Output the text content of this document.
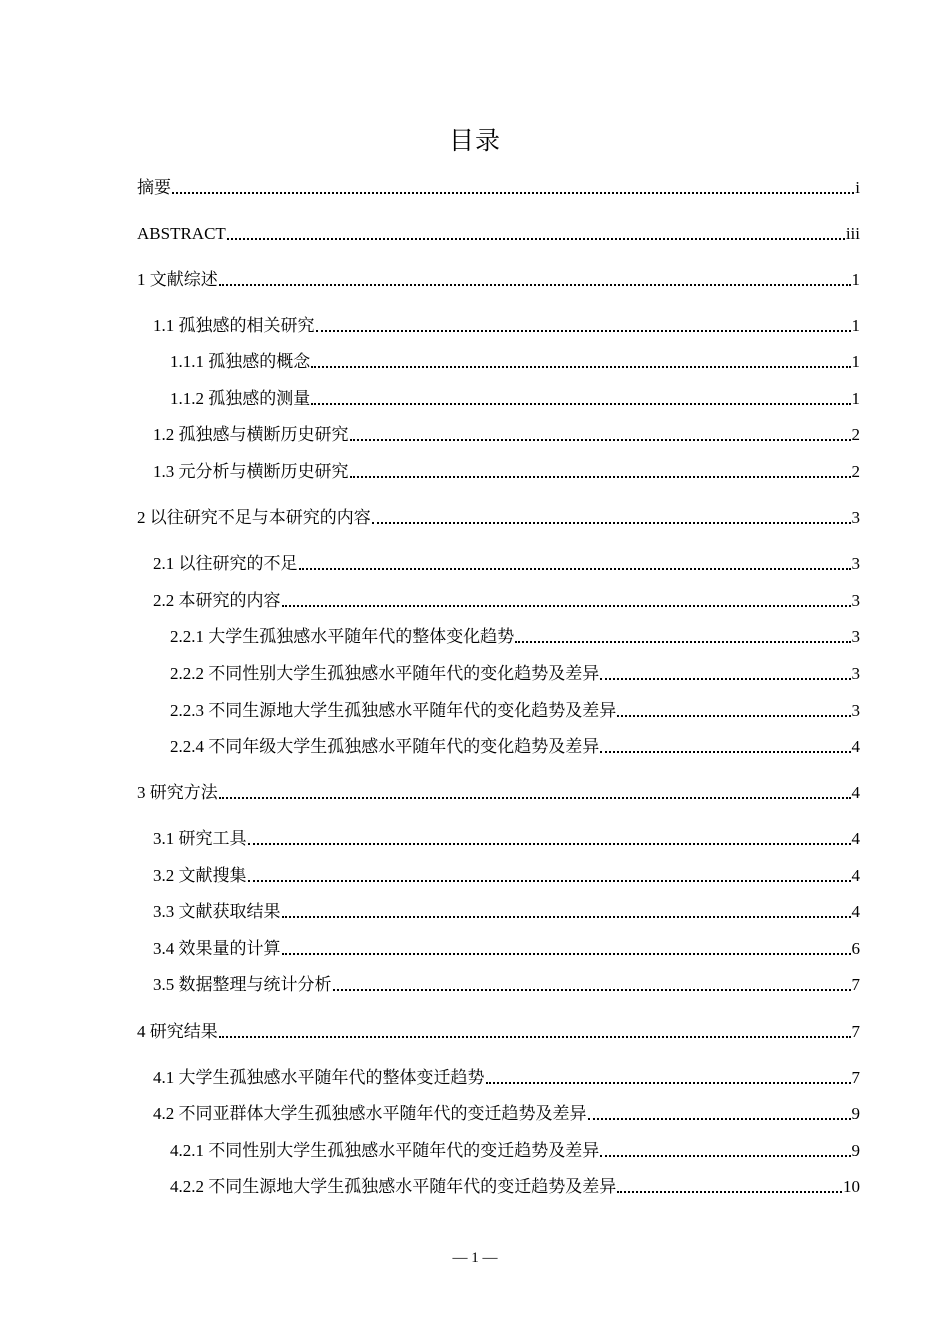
目录
摘要	i
ABSTRACT	iii
1 文献综述	1
1.1 孤独感的相关研究	1
1.1.1 孤独感的概念	1
1.1.2 孤独感的测量	1
1.2 孤独感与横断历史研究	2
1.3 元分析与横断历史研究	2
2 以往研究不足与本研究的内容	3
2.1 以往研究的不足	3
2.2 本研究的内容	3
2.2.1 大学生孤独感水平随年代的整体变化趋势	3
2.2.2 不同性别大学生孤独感水平随年代的变化趋势及差异	3
2.2.3 不同生源地大学生孤独感水平随年代的变化趋势及差异	3
2.2.4 不同年级大学生孤独感水平随年代的变化趋势及差异	4
3 研究方法	4
3.1 研究工具	4
3.2 文献搜集	4
3.3 文献获取结果	4
3.4 效果量的计算	6
3.5 数据整理与统计分析	7
4 研究结果	7
4.1 大学生孤独感水平随年代的整体变迁趋势	7
4.2 不同亚群体大学生孤独感水平随年代的变迁趋势及差异	9
4.2.1 不同性别大学生孤独感水平随年代的变迁趋势及差异	9
4.2.2 不同生源地大学生孤独感水平随年代的变迁趋势及差异	10
— 1 —
